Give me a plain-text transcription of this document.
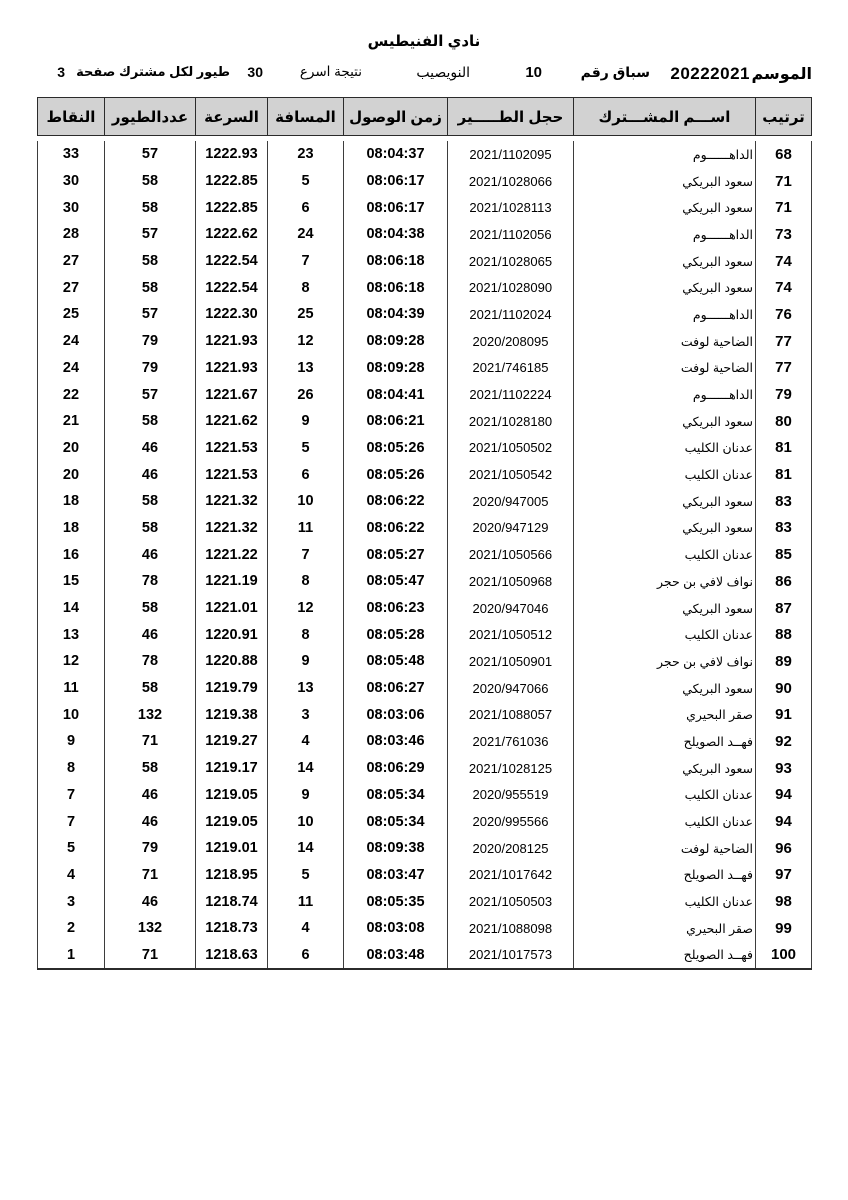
نادي الفنيطيس
الموسم
20222021
سباق رقم
10
النويصيب
نتيجة اسرع
30
طيور لكل مشترك صفحة
3
ترتيب	اســـم المشـــترك	حجل الطـــــير	زمن الوصول	المسافة	السرعة	عددالطيور	النقاط

68	الداهــــــوم	2021/1102095	08:04:37	23	1222.93	57	33
71	سعود البريكي	2021/1028066	08:06:17	5	1222.85	58	30
71	سعود البريكي	2021/1028113	08:06:17	6	1222.85	58	30
73	الداهــــــوم	2021/1102056	08:04:38	24	1222.62	57	28
74	سعود البريكي	2021/1028065	08:06:18	7	1222.54	58	27
74	سعود البريكي	2021/1028090	08:06:18	8	1222.54	58	27
76	الداهــــــوم	2021/1102024	08:04:39	25	1222.30	57	25
77	الضاحية لوفت	2020/208095	08:09:28	12	1221.93	79	24
77	الضاحية لوفت	2021/746185	08:09:28	13	1221.93	79	24
79	الداهــــــوم	2021/1102224	08:04:41	26	1221.67	57	22
80	سعود البريكي	2021/1028180	08:06:21	9	1221.62	58	21
81	عدنان الكليب	2021/1050502	08:05:26	5	1221.53	46	20
81	عدنان الكليب	2021/1050542	08:05:26	6	1221.53	46	20
83	سعود البريكي	2020/947005	08:06:22	10	1221.32	58	18
83	سعود البريكي	2020/947129	08:06:22	11	1221.32	58	18
85	عدنان الكليب	2021/1050566	08:05:27	7	1221.22	46	16
86	نواف لافي بن حجر	2021/1050968	08:05:47	8	1221.19	78	15
87	سعود البريكي	2020/947046	08:06:23	12	1221.01	58	14
88	عدنان الكليب	2021/1050512	08:05:28	8	1220.91	46	13
89	نواف لافي بن حجر	2021/1050901	08:05:48	9	1220.88	78	12
90	سعود البريكي	2020/947066	08:06:27	13	1219.79	58	11
91	صقر البحيري	2021/1088057	08:03:06	3	1219.38	132	10
92	فهــد الصويلح	2021/761036	08:03:46	4	1219.27	71	9
93	سعود البريكي	2021/1028125	08:06:29	14	1219.17	58	8
94	عدنان الكليب	2020/955519	08:05:34	9	1219.05	46	7
94	عدنان الكليب	2020/995566	08:05:34	10	1219.05	46	7
96	الضاحية لوفت	2020/208125	08:09:38	14	1219.01	79	5
97	فهــد الصويلح	2021/1017642	08:03:47	5	1218.95	71	4
98	عدنان الكليب	2021/1050503	08:05:35	11	1218.74	46	3
99	صقر البحيري	2021/1088098	08:03:08	4	1218.73	132	2
100	فهــد الصويلح	2021/1017573	08:03:48	6	1218.63	71	1
